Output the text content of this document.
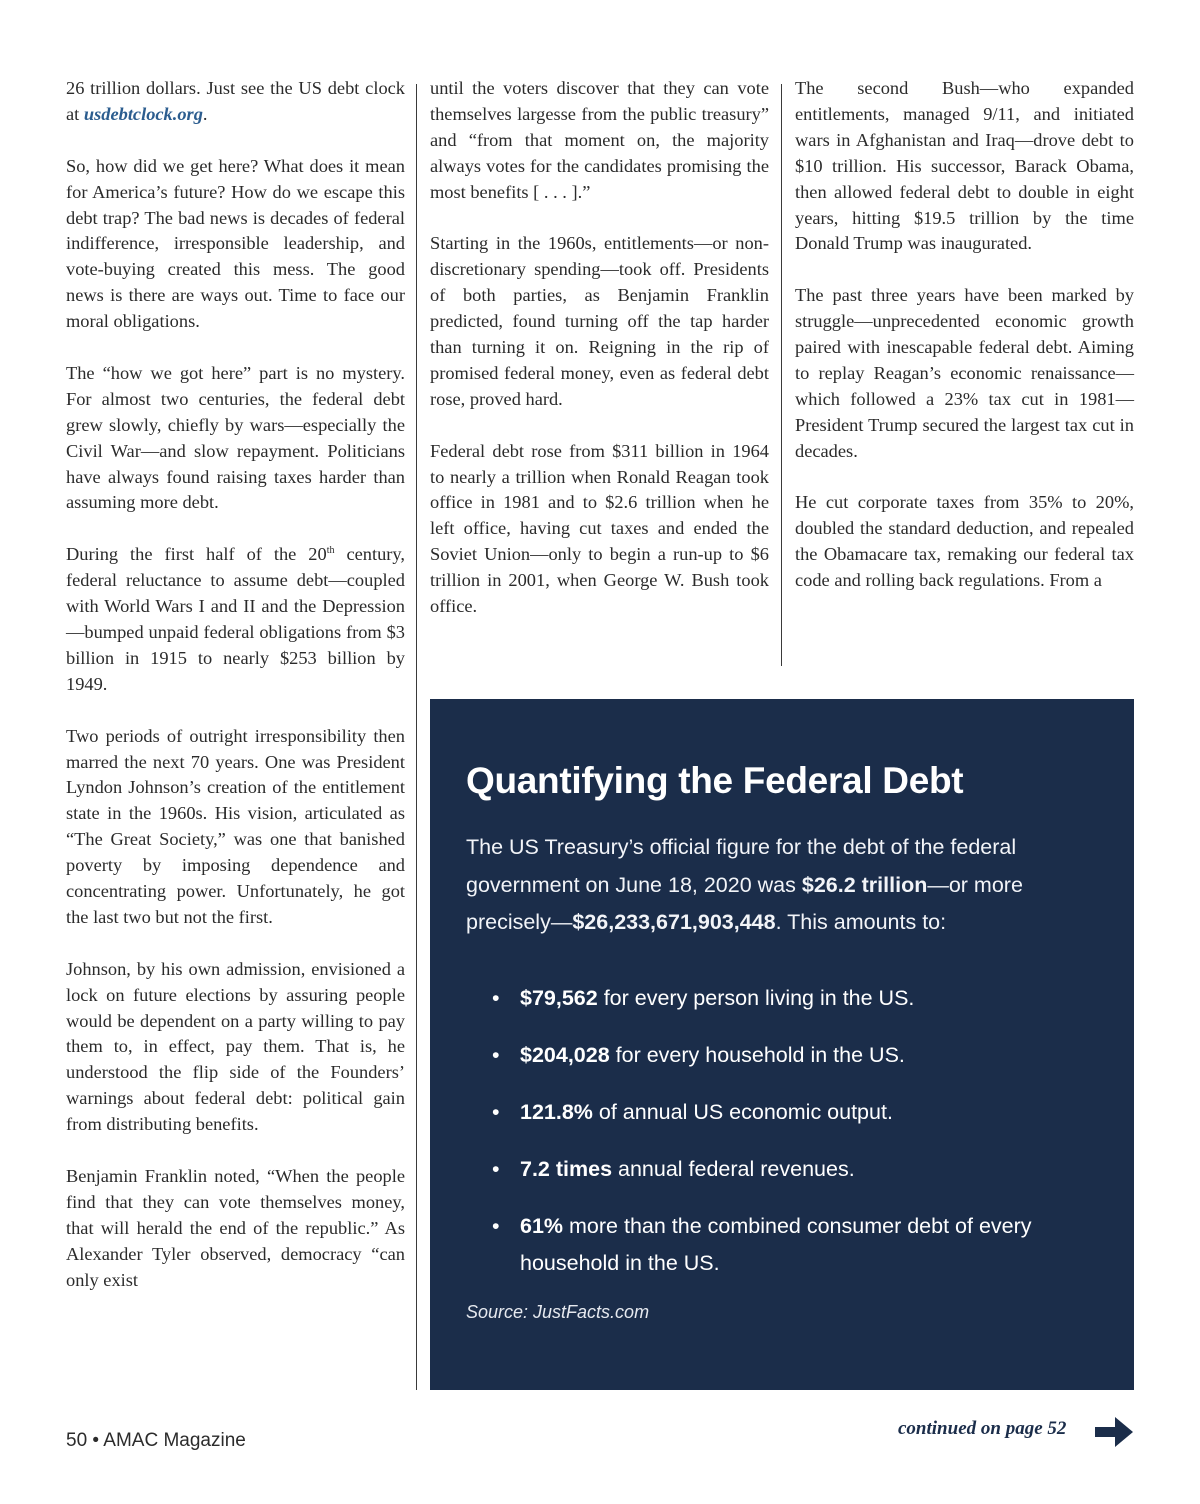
26 trillion dollars. Just see the US debt clock at usdebtclock.org.

So, how did we get here? What does it mean for America’s future? How do we escape this debt trap? The bad news is decades of federal indifference, irresponsible leadership, and vote-buying created this mess. The good news is there are ways out. Time to face our moral obligations.

The “how we got here” part is no mystery. For almost two centuries, the federal debt grew slowly, chiefly by wars—especially the Civil War—and slow repayment. Politicians have always found raising taxes harder than assuming more debt.

During the first half of the 20th century, federal reluctance to assume debt—coupled with World Wars I and II and the Depression—bumped unpaid federal obligations from $3 billion in 1915 to nearly $253 billion by 1949.

Two periods of outright irresponsibility then marred the next 70 years. One was President Lyndon Johnson’s creation of the entitlement state in the 1960s. His vision, articulated as “The Great Society,” was one that banished poverty by imposing dependence and concentrating power. Unfortunately, he got the last two but not the first.

Johnson, by his own admission, envisioned a lock on future elections by assuring people would be dependent on a party willing to pay them to, in effect, pay them. That is, he understood the flip side of the Founders’ warnings about federal debt: political gain from distributing benefits.

Benjamin Franklin noted, “When the people find that they can vote themselves money, that will herald the end of the republic.” As Alexander Tyler observed, democracy “can only exist

until the voters discover that they can vote themselves largesse from the public treasury” and “from that moment on, the majority always votes for the candidates promising the most benefits [ . . . ].”

Starting in the 1960s, entitlements—or non-discretionary spending—took off. Presidents of both parties, as Benjamin Franklin predicted, found turning off the tap harder than turning it on. Reigning in the rip of promised federal money, even as federal debt rose, proved hard.

Federal debt rose from $311 billion in 1964 to nearly a trillion when Ronald Reagan took office in 1981 and to $2.6 trillion when he left office, having cut taxes and ended the Soviet Union—only to begin a run-up to $6 trillion in 2001, when George W. Bush took office.

The second Bush—who expanded entitlements, managed 9/11, and initiated wars in Afghanistan and Iraq—drove debt to $10 trillion. His successor, Barack Obama, then allowed federal debt to double in eight years, hitting $19.5 trillion by the time Donald Trump was inaugurated.

The past three years have been marked by struggle—unprecedented economic growth paired with inescapable federal debt. Aiming to replay Reagan’s economic renaissance—which followed a 23% tax cut in 1981—President Trump secured the largest tax cut in decades.

He cut corporate taxes from 35% to 20%, doubled the standard deduction, and repealed the Obamacare tax, remaking our federal tax code and rolling back regulations. From a

Quantifying the Federal Debt

The US Treasury’s official figure for the debt of the federal government on June 18, 2020 was $26.2 trillion—or more precisely—$26,233,671,903,448. This amounts to:

• $79,562 for every person living in the US.
• $204,028 for every household in the US.
• 121.8% of annual US economic output.
• 7.2 times annual federal revenues.
• 61% more than the combined consumer debt of every household in the US.
Source: JustFacts.com
50 • AMAC Magazine
continued on page 52
